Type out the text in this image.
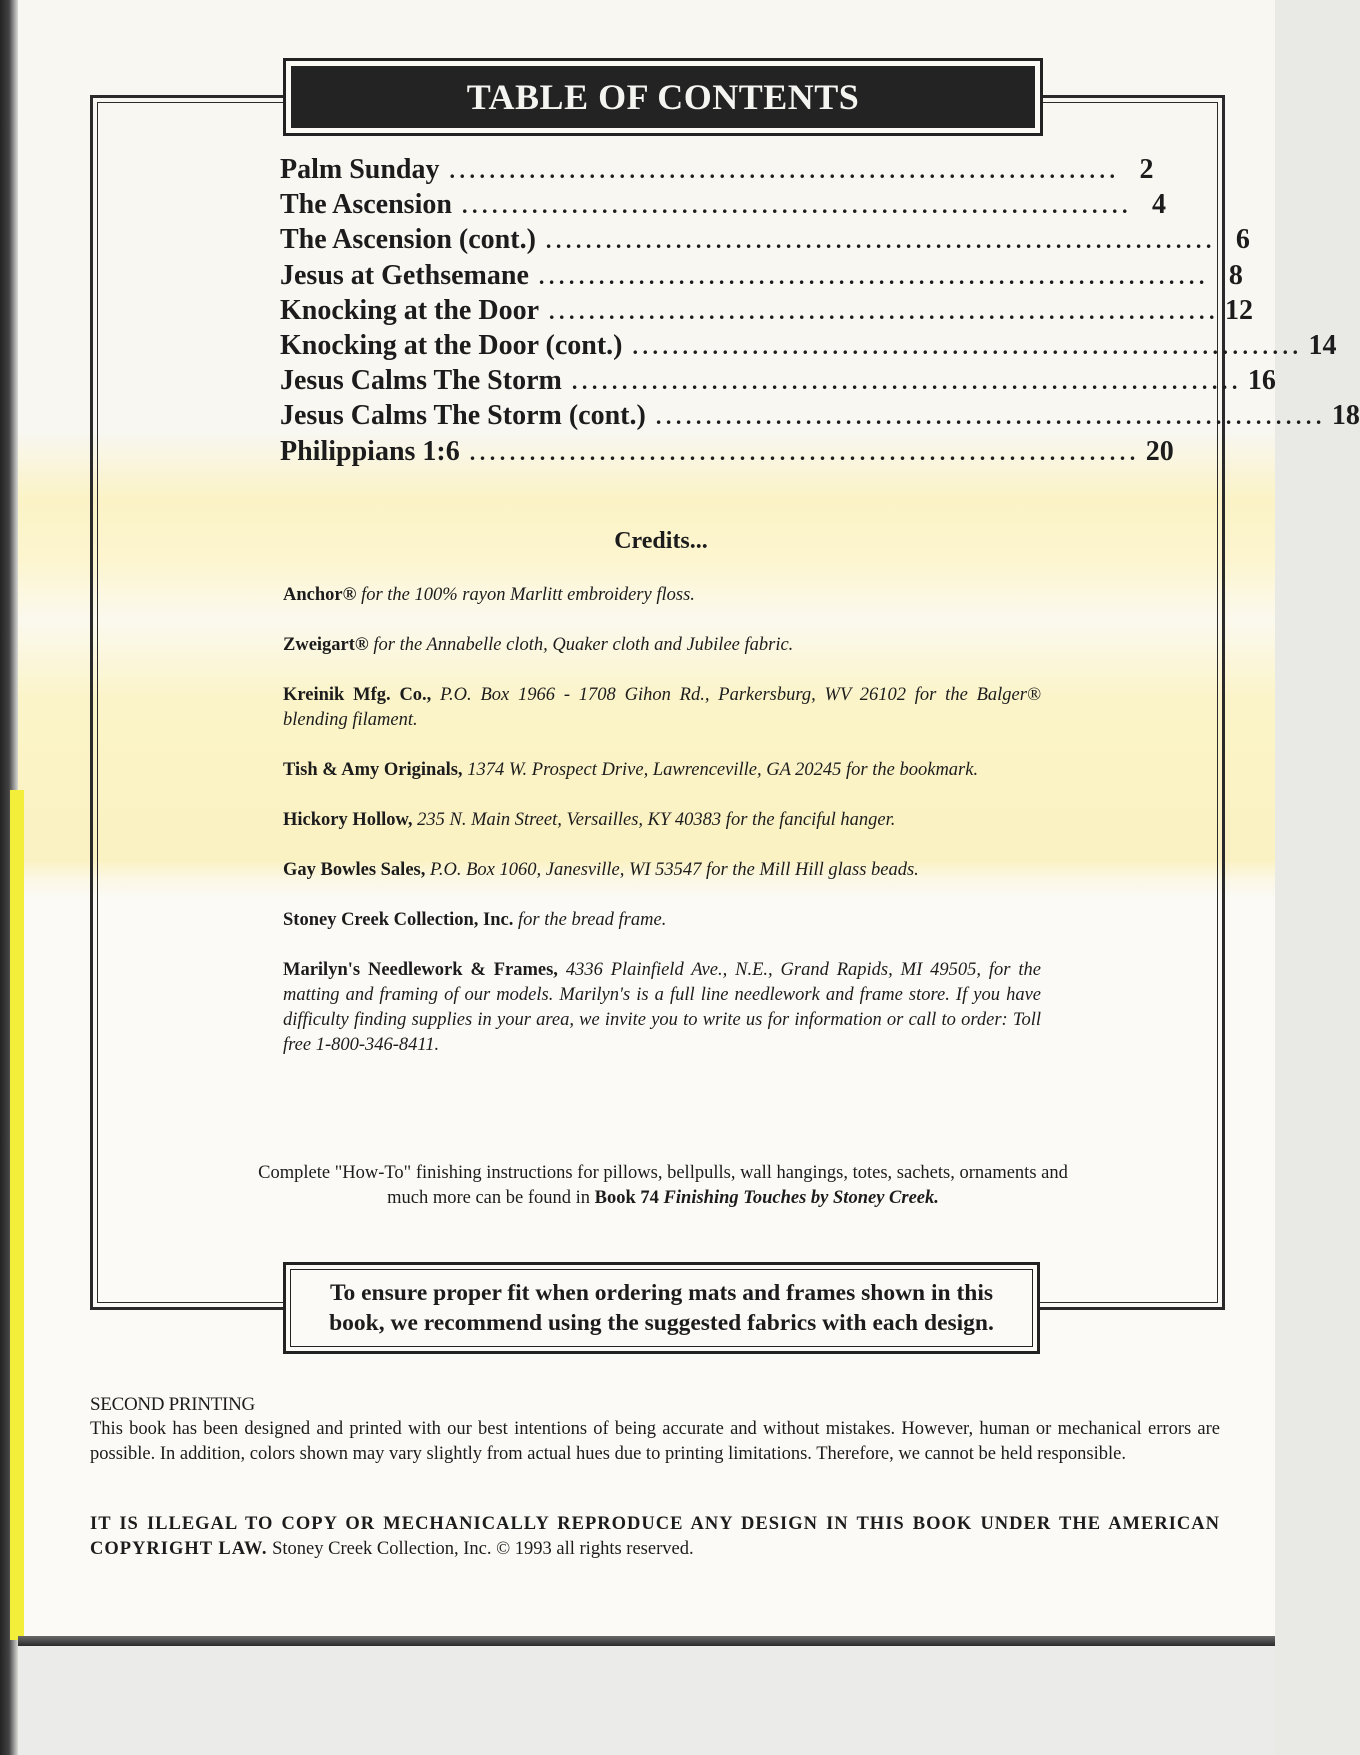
TABLE OF CONTENTS
Palm Sunday ................................................................... 2
The Ascension ................................................................... 4
The Ascension (cont.) ................................................................... 6
Jesus at Gethsemane ................................................................... 8
Knocking at the Door ................................................................... 12
Knocking at the Door (cont.) ................................................................... 14
Jesus Calms The Storm ................................................................... 16
Jesus Calms The Storm (cont.) ................................................................... 18
Philippians 1:6 ................................................................... 20
Credits...

Anchor® for the 100% rayon Marlitt embroidery floss.

Zweigart® for the Annabelle cloth, Quaker cloth and Jubilee fabric.

Kreinik Mfg. Co., P.O. Box 1966 - 1708 Gihon Rd., Parkersburg, WV 26102 for the Balger® blending filament.

Tish & Amy Originals, 1374 W. Prospect Drive, Lawrenceville, GA 20245 for the bookmark.

Hickory Hollow, 235 N. Main Street, Versailles, KY 40383 for the fanciful hanger.

Gay Bowles Sales, P.O. Box 1060, Janesville, WI 53547 for the Mill Hill glass beads.

Stoney Creek Collection, Inc. for the bread frame.

Marilyn's Needlework & Frames, 4336 Plainfield Ave., N.E., Grand Rapids, MI 49505, for the matting and framing of our models. Marilyn's is a full line needlework and frame store. If you have difficulty finding supplies in your area, we invite you to write us for information or call to order: Toll free 1-800-346-8411.

Complete "How-To" finishing instructions for pillows, bellpulls, wall hangings, totes, sachets, ornaments and much more can be found in Book 74 Finishing Touches by Stoney Creek.
To ensure proper fit when ordering mats and frames shown in this book, we recommend using the suggested fabrics with each design.
SECOND PRINTING
This book has been designed and printed with our best intentions of being accurate and without mistakes. However, human or mechanical errors are possible. In addition, colors shown may vary slightly from actual hues due to printing limitations. Therefore, we cannot be held responsible.
IT IS ILLEGAL TO COPY OR MECHANICALLY REPRODUCE ANY DESIGN IN THIS BOOK UNDER THE AMERICAN COPYRIGHT LAW. Stoney Creek Collection, Inc. © 1993 all rights reserved.
